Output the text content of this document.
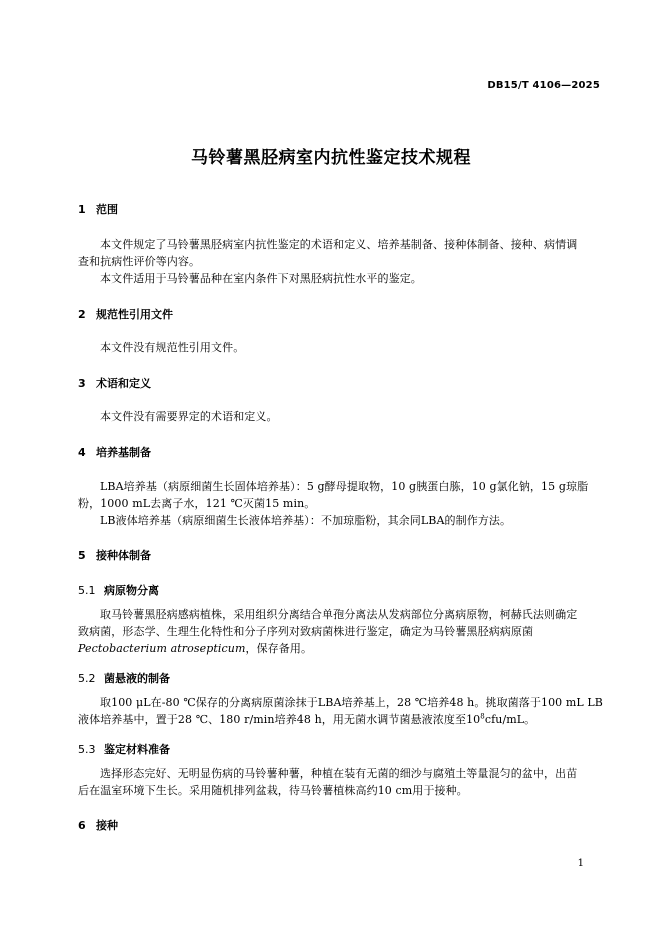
DB15/T 4106—2025
马铃薯黑胫病室内抗性鉴定技术规程
1 范围
本文件规定了马铃薯黑胫病室内抗性鉴定的术语和定义、培养基制备、接种体制备、接种、病情调
查和抗病性评价等内容。
本文件适用于马铃薯品种在室内条件下对黑胫病抗性水平的鉴定。
2 规范性引用文件
本文件没有规范性引用文件。
3 术语和定义
本文件没有需要界定的术语和定义。
4 培养基制备
LBA培养基（病原细菌生长固体培养基）：5 g酵母提取物，10 g胰蛋白胨，10 g氯化钠，15 g琼脂
粉，1000 mL去离子水，121 ℃灭菌15 min。
LB液体培养基（病原细菌生长液体培养基）：不加琼脂粉，其余同LBA的制作方法。
5 接种体制备
5.1 病原物分离
取马铃薯黑胫病感病植株，采用组织分离结合单孢分离法从发病部位分离病原物，柯赫氏法则确定
致病菌，形态学、生理生化特性和分子序列对致病菌株进行鉴定，确定为马铃薯黑胫病病原菌
Pectobacterium atrosepticum，保存备用。
5.2 菌悬液的制备
取100 μL在-80 ℃保存的分离病原菌涂抹于LBA培养基上，28 ℃培养48 h。挑取菌落于100 mL LB
液体培养基中，置于28 ℃、180 r/min培养48 h，用无菌水调节菌悬液浓度至$10^8cfu/mL$。
5.3 鉴定材料准备
选择形态完好、无明显伤病的马铃薯种薯，种植在装有无菌的细沙与腐殖土等量混匀的盆中，出苗
后在温室环境下生长。采用随机排列盆栽，待马铃薯植株高约10 cm用于接种。
6 接种
1
